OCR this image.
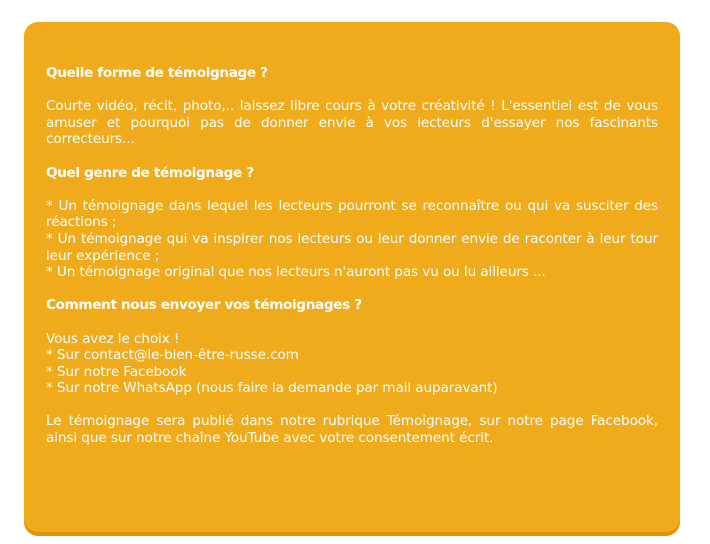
Quelle forme de témoignage ?

Courte vidéo, récit, photo,.. laissez libre cours à votre créativité ! L'essentiel est de vous amuser et pourquoi pas de donner envie à vos lecteurs d'essayer nos fascinants correcteurs...

Quel genre de témoignage ?

* Un témoignage dans lequel les lecteurs pourront se reconnaître ou qui va susciter des réactions ;
* Un témoignage qui va inspirer nos lecteurs ou leur donner envie de raconter à leur tour leur expérience ;
* Un témoignage original que nos lecteurs n'auront pas vu ou lu ailleurs ...

Comment nous envoyer vos témoignages ?

Vous avez le choix !
* Sur contact@le-bien-être-russe.com
* Sur notre Facebook
* Sur notre WhatsApp (nous faire la demande par mail auparavant)

Le témoignage sera publié dans notre rubrique Témoignage, sur notre page Facebook, ainsi que sur notre chaîne YouTube avec votre consentement écrit.
